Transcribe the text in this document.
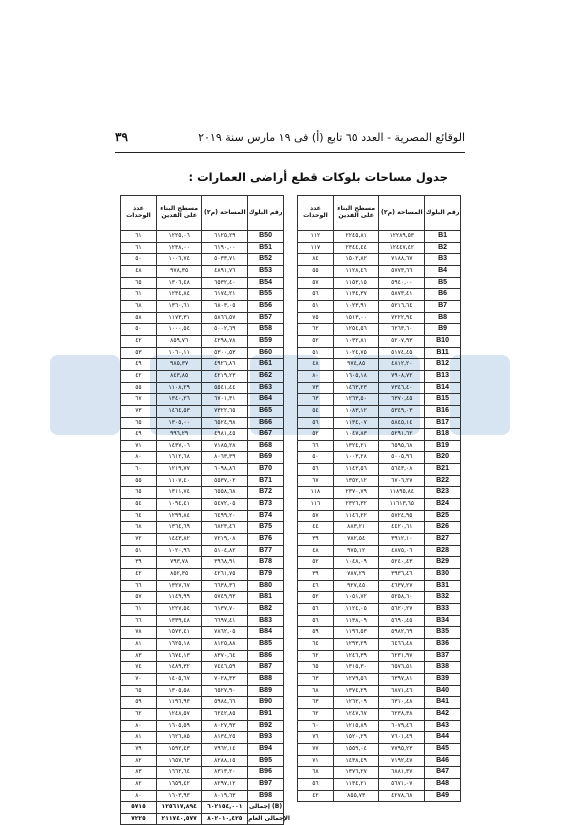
الوقائع المصرية - العدد ٦٥ تابع (أ) فى ١٩ مارس سنة ٢٠١٩
٣٩
جدول مساحات بلوكات قطع أراضى العمارات :
عدد الوحدات	مسطح البناء على الفدين	المساحة (م٢)	رقم البلوك
١١٢	٢٢٤٥,٨١	١٢٢٨٩,٥٣	B1
١١٧	٢٣٤٤,٤٤	١٢٤٤٧,٤٢	B2
٨٤	١٥٠٢,٨٢	٧١٨٨,٦٧	B3
٥٥	١١٢٨,٤٦	٥٧٧٣,٦٦	B4
٥٧	١١٥٣,١٥	٥٩٤٠,٠٠	B5
٥٦	١١٣٤,٣٧	٥٨٧٣,٤١	B6
٥١	١٠٢٣,٩١	٥٢١٦,٦٤	B7
٧٥	١٥١٣,٠٠	٧٢٢٢,٩٤	B8
٦٢	١٢٥٤,٥٦	٦٢٦٣,٦٠	B9
٥٢	١٠٣٢,٨١	٥٢٠٧,٩٣	B10
٥١	١٠٢٤,٧٥	٥١٧٤,٤٥	B11
٤٨	٩٧٤,٨٥	٤٨١٢,٢٠	B12
٨٠	١٦٠٥,١٨	٧٩٠٨,٧٢	B13
٧٣	١٤٦٣,٢٣	٧٣٤٦,٤٠	B14
٦٣	١٢٦٣,٥٠	٦٣٧٠,٤٥	B15
٥٤	١٠٨٣,١٢	٥٣٤٩,٠٣	B16
٥٦	١١٣٤,٠٧	٥٨٤٥,١٤	B17
٥٢	١٠٤٧,٨٣	٥٢٩١,٦٢	B18
٦٦	١٣٢٤,٢١	٦٥٩٥,٦٨	B19
٥٠	١٠٠٣,٢٨	٥٠٠٥,٩٦	B20
٥٦	١١٤٣,٥٦	٥٦٤٣,٠٨	B21
٦٧	١٣٥٢,١٢	٦٧٠٦,٢٧	B22
١١٨	٢٣٧٠,٧٩	١١٨٩٥,٨٤	B23
١١٦	٢٣٢٦,٣٢	١١٦١٣,٦٥	B24
٥٧	١١٤٦,٢٢	٥٧٢٤,٩٥	B25
٤٤	٨٨٣,٢١	٤٤٢٠,٦١	B26
٣٩	٧٨٢,٥٤	٣٩١٢,١٠	B27
٤٨	٩٧٥,١٢	٤٨٧٥,٠٦	B28
٥٢	١٠٤٨,٠٩	٥٢٤٠,٤٣	B29
٣٩	٧٨٧,٢٩	٣٩٣٦,٤٦	B30
٤٦	٩٢٧,٤٥	٤٦٣٧,٢٧	B31
٥٢	١٠٥١,٧٢	٥٢٥٨,٦٠	B32
٥٦	١١٢٤,٠٥	٥٦٢٠,٢٧	B33
٥٦	١١٣٨,٠٩	٥٦٩٠,٤٥	B34
٥٩	١١٩٦,٥٣	٥٩٨٢,٦٩	B35
٦٤	١٢٩٣,٢٩	٦٤٦٦,٤٨	B36
٦٢	١٢٤٦,٣٩	٦٢٣١,٩٧	B37
٦٥	١٣١٥,٣٠	٦٥٧٦,٥١	B38
٦٣	١٢٧٩,٥٦	٦٣٩٧,٨١	B39
٦٨	١٣٧٤,٢٩	٦٨٧١,٤٦	B40
٦٣	١٢٦٢,٠٩	٦٣١٠,٤٨	B41
٦٢	١٢٤٧,٦٧	٦٢٣٨,٣٨	B42
٦٠	١٢١٥,٨٩	٦٠٧٩,٤٦	B43
٧٦	١٥٢٠,٢٩	٧٦٠١,٤٩	B44
٧٧	١٥٥٩,٠٤	٧٧٩٥,٢٣	B45
٧١	١٤٣٨,٤٩	٧١٩٢,٤٧	B46
٦٨	١٣٧٦,٢٧	٦٨٨١,٣٧	B47
٥٦	١١٣٤,٢١	٥٦٧١,٠٧	B48
٤٢	٨٥٥,٧٣	٤٢٧٨,٦٨	B49
عدد الوحدات	مسطح البناء على الفدين	المساحة (م٢)	رقم البلوك
٦١	١٢٢٥,٠٦	٦١٢٥,٢٩	B50
٦١	١٢٣٨,٠٠	٦١٩٠,٠٠	B51
٥٠	١٠٠٦,٧٤	٥٠٣٣,٧١	B52
٤٨	٩٧٨,٣٥	٤٨٩١,٧٦	B53
٦٥	١٣٠٦,٤٨	٦٥٣٢,٤٠	B54
٦١	١٢٣٤,٨٤	٦١٧٤,٢١	B55
٦٨	١٣٦٠,٦١	٦٨٠٣,٠٥	B56
٥٨	١١٧٣,٣١	٥٨٦٦,٥٧	B57
٥٠	١٠٠٠,٥٤	٥٠٠٢,٦٩	B58
٤٢	٨٥٩,٧٦	٤٢٩٨,٧٨	B59
٥٣	١٠٦٠,١١	٥٣٠٠,٥٣	B60
٤٩	٩٨٥,٣٧	٤٩٢٦,٨٦	B61
٤٢	٨٤٣,٨٥	٤٢١٩,٢٣	B62
٥٥	١١٠٨,٢٩	٥٥٤١,٤٤	B63
٦٧	١٣٤٠,٢٦	٦٧٠١,٣١	B64
٧٣	١٤٦٤,٥٣	٧٣٢٢,٦٥	B65
٦٥	١٣٠٥,٠٠	٦٥٢٤,٩٨	B66
٤٩	٩٩٦,٢٩	٤٩٨١,٤٥	B67
٧١	١٤٣٧,٠٦	٧١٨٥,٢٨	B68
٨٠	١٦١٢,٦٨	٨٠٦٣,٣٩	B69
٦٠	١٢١٩,٧٧	٦٠٩٨,٨٦	B70
٥٥	١١٠٧,٤٠	٥٥٣٧,٠٢	B71
٦٥	١٣١١,٧٤	٦٥٥٨,٦٨	B72
٥٤	١٠٩٤,٤١	٥٤٧٢,٠٥	B73
٦٤	١٢٩٩,٨٤	٦٤٩٩,٢٠	B74
٦٨	١٣٦٤,٦٩	٦٨٢٣,٤٦	B75
٧٢	١٤٤٣,٨٢	٧٢١٩,٠٨	B76
٥١	١٠٢٠,٩٦	٥١٠٤,٨٢	B77
٣٩	٧٩٣,٧٨	٣٩٦٨,٩١	B78
٤٢	٨٥٢,٣٥	٤٢٦١,٧٥	B79
٦٦	١٣٢٧,٦٧	٦٦٣٨,٣٦	B80
٥٧	١١٤٩,٩٩	٥٧٤٩,٩٣	B81
٦١	١٢٢٧,٥٤	٦١٣٧,٧٠	B82
٦٦	١٣٣٩,٤٨	٦٦٩٧,٤١	B83
٧٨	١٥٧٢,٤١	٧٨٦٢,٠٥	B84
٨١	١٦٢٥,١٨	٨١٢٥,٨٨	B85
٨٣	١٦٧٤,١٣	٨٣٧٠,٦٤	B86
٧٤	١٤٨٩,٣٢	٧٤٤٦,٥٩	B87
٧٠	١٤٠٥,٦٧	٧٠٢٨,٣٣	B88
٦٥	١٣٠٥,٥٨	٦٥٢٧,٩٠	B89
٥٩	١١٩٦,٩٣	٥٩٨٤,٦٦	B90
٦٢	١٢٤٨,٥٧	٦٢٤٢,٨٥	B91
٨٠	١٦٠٥,٥٩	٨٠٢٧,٩٣	B92
٨١	١٦٢٦,٨٥	٨١٣٤,٢٥	B93
٧٩	١٥٩٢,٤٣	٧٩٦٢,١٤	B94
٨٢	١٦٥٧,٦٣	٨٢٨٨,١٥	B95
٨٣	١٦٦٢,٦٤	٨٣١٣,٢٠	B96
٨٢	١٦٥٩,٤٢	٨٢٩٧,١٢	B97
٨٠	١٦٠٣,٩٣	٨٠١٩,٦٣	B98
٥٧١٥	١٢٥٦١٧,٨٩٤	٦٠٢١٥٤,٠٠١	إجمالى (B)
٧٢٢٥	٢١١٧٤٠,٥٧٧	٨٠٢٠١٠,٤٢٥	الإجمالى العام
